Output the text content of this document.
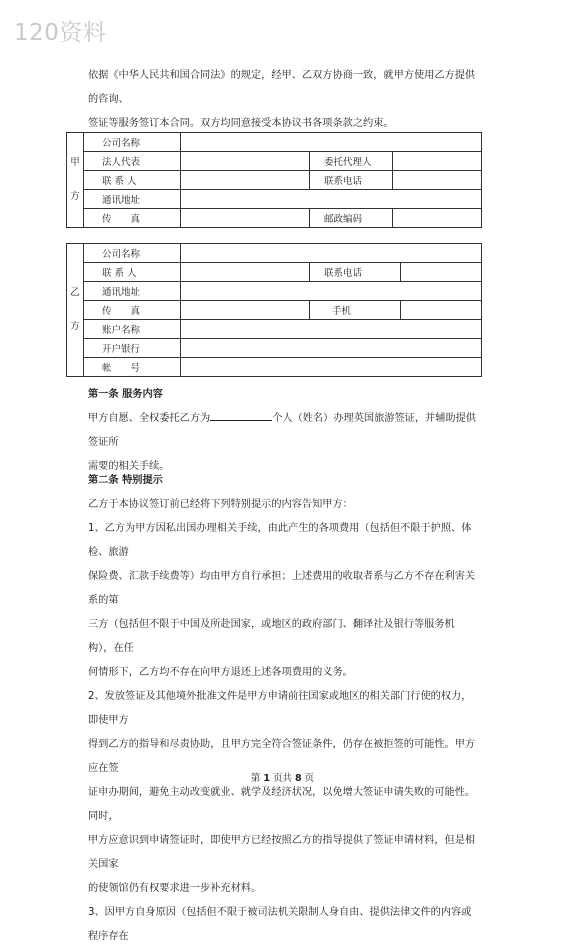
120资料

依据《中华人民共和国合同法》的规定，经甲、乙双方协商一致，就甲方使用乙方提供的咨询、

签证等服务签订本合同。双方均同意接受本协议书各项条款之约束。

甲
方	公司名称			
	法人代表		委托代理人	
	联 系 人		联系电话	
	通讯地址			
	传　　真		邮政编码	
乙
方	公司名称			
	联 系 人		联系电话	
	通讯地址			
	传　　真		手机	
	账户名称			
	开户银行			
	帐　　号			

第一条 服务内容

甲方自愿、全权委托乙方为	个人（姓名）办理英国旅游签证，并辅助提供签证所

需要的相关手续。

第二条 特别提示

乙方于本协议签订前已经将下列特别提示的内容告知甲方：

1、乙方为甲方因私出国办理相关手续，由此产生的各项费用（包括但不限于护照、体检、旅游

保险费、汇款手续费等）均由甲方自行承担；上述费用的收取者系与乙方不存在利害关系的第

三方（包括但不限于中国及所赴国家，或地区的政府部门、翻译社及银行等服务机构），在任

何情形下，乙方均不存在向甲方退还上述各项费用的义务。

2、发放签证及其他境外批准文件是甲方申请前往国家或地区的相关部门行使的权力，即使甲方

得到乙方的指导和尽责协助，且甲方完全符合签证条件，仍存在被拒签的可能性。甲方应在签

证申办期间，避免主动改变就业、就学及经济状况，以免增大签证申请失败的可能性。同时，

甲方应意识到申请签证时，即使甲方已经按照乙方的指导提供了签证申请材料，但是相关国家

的使领馆仍有权要求进一步补充材料。

3、因甲方自身原因（包括但不限于被司法机关限制人身自由、提供法律文件的内容或程序存在

第 1 页共 8 页
